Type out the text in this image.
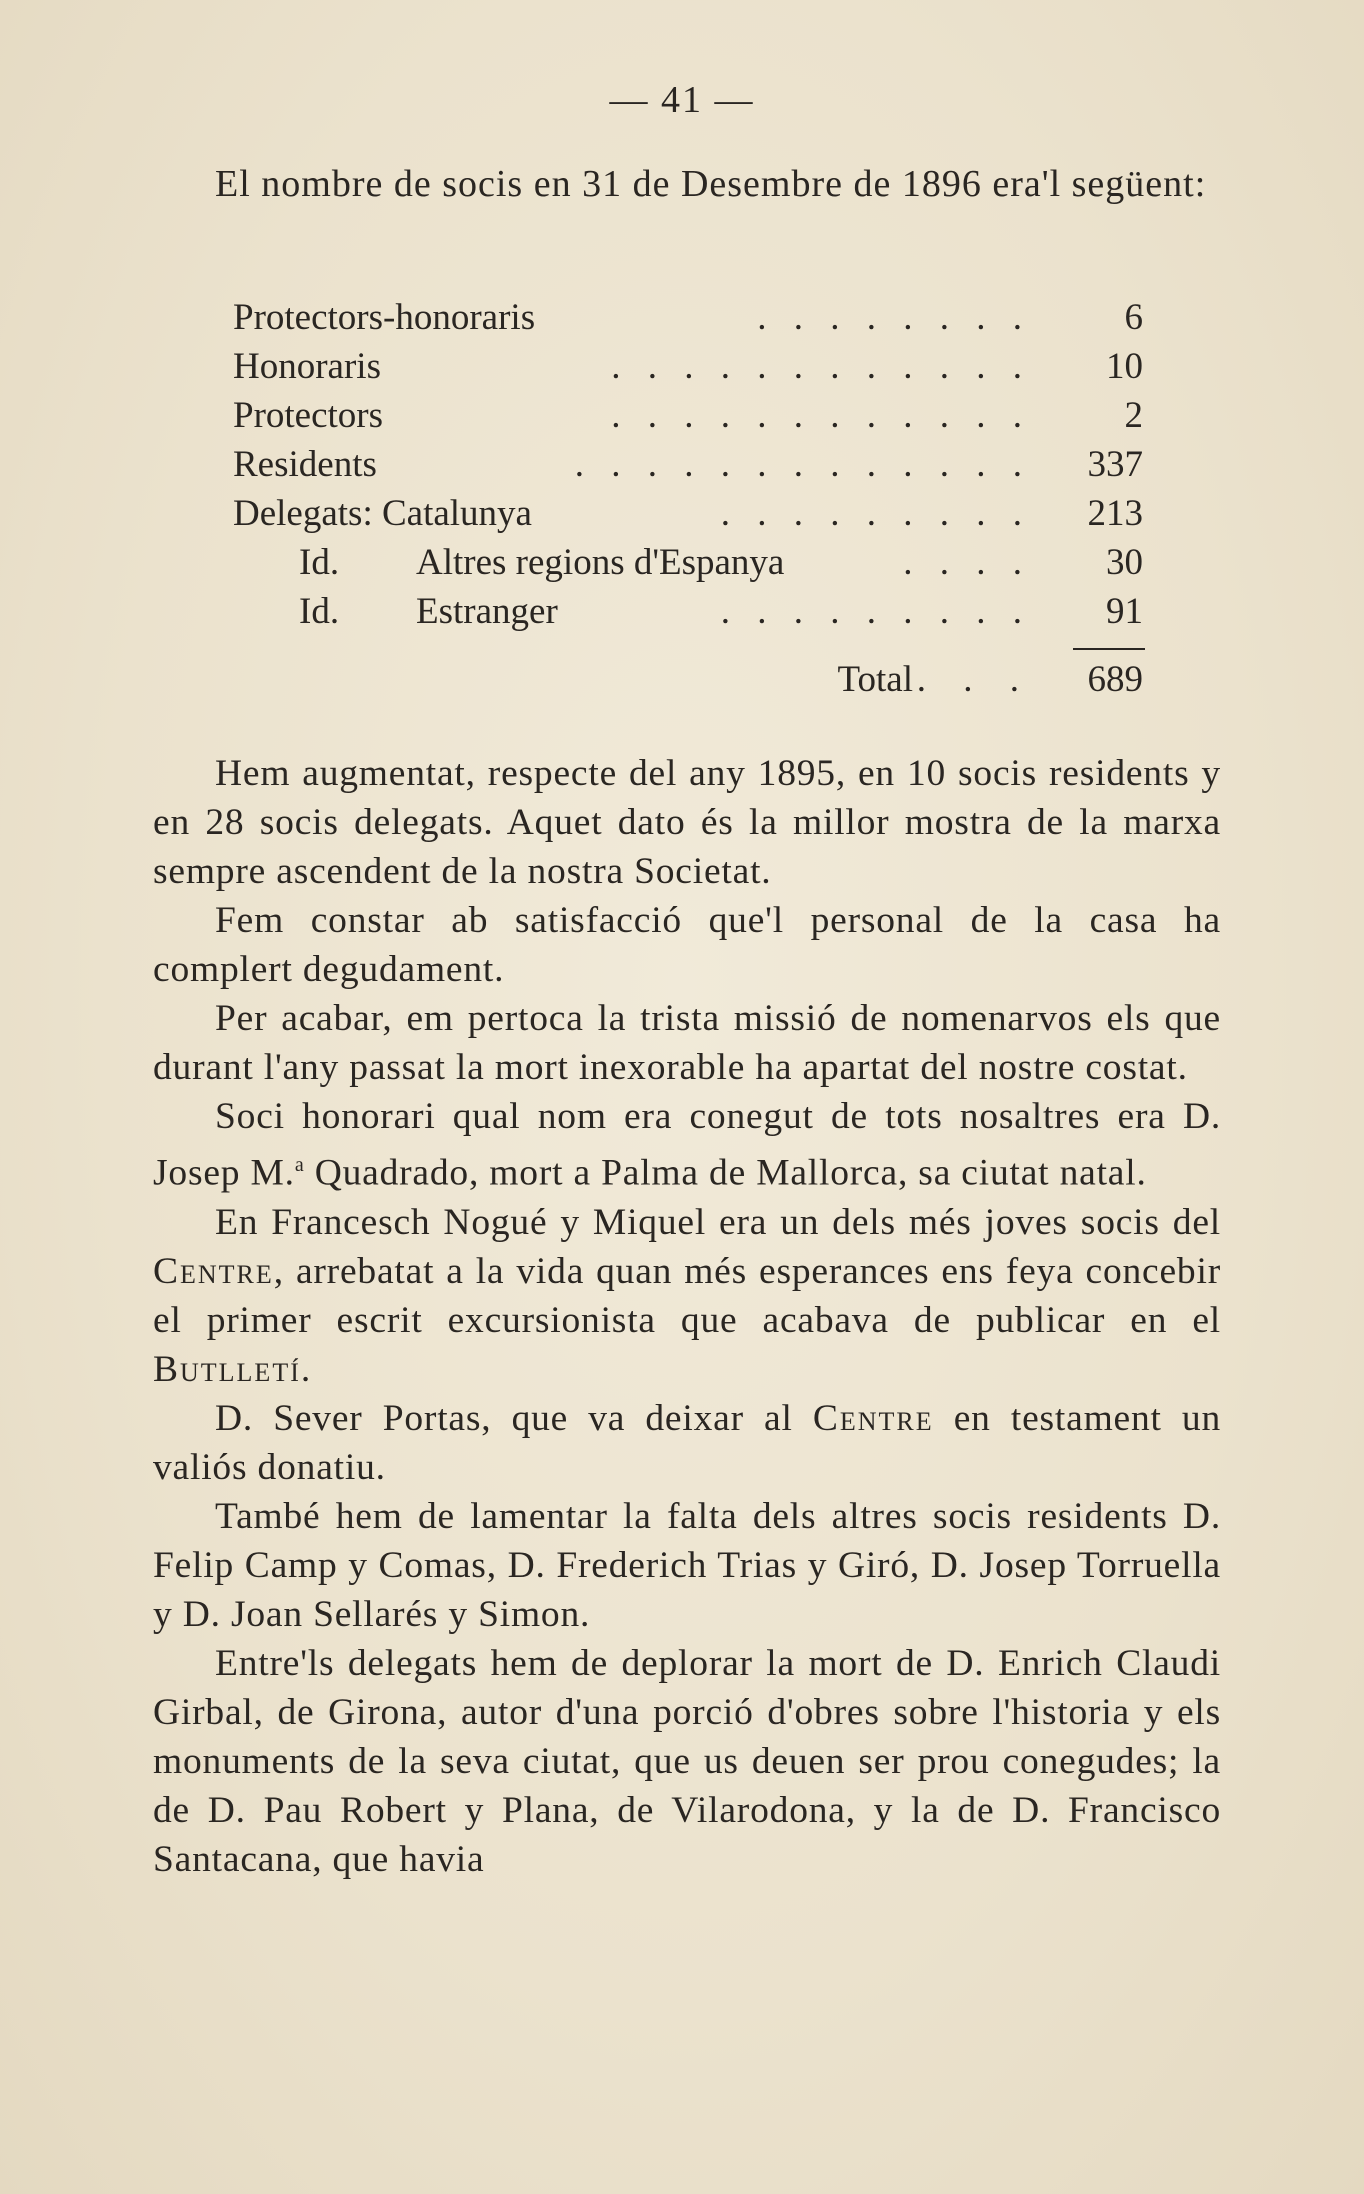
— 41 —
El nombre de socis en 31 de Desembre de 1896 era'l següent:
Protectors-honoraris	. . . . . . . .	6
Honoraris	. . . . . . . . . . . .	10
Protectors	. . . . . . . . . . . .	2
Residents	. . . . . . . . . . . . .	337
Delegats: Catalunya	. . . . . . . . .	213
Id. Altres regions d'Espanya	. . . .	30
Id. Estranger	. . . . . . . . .	91
Total . . .	689

Hem augmentat, respecte del any 1895, en 10 socis residents y en 28 socis delegats. Aquet dato és la millor mostra de la marxa sempre ascendent de la nostra Societat.

Fem constar ab satisfacció que'l personal de la casa ha complert degudament.

Per acabar, em pertoca la trista missió de nomenarvos els que durant l'any passat la mort inexorable ha apartat del nostre costat.

Soci honorari qual nom era conegut de tots nosaltres era D. Josep M.$^a$ Quadrado, mort a Palma de Mallorca, sa ciutat natal.

En Francesch Nogué y Miquel era un dels més joves socis del Centre, arrebatat a la vida quan més esperances ens feya concebir el primer escrit excursionista que acabava de publicar en el Butlletí.

D. Sever Portas, que va deixar al Centre en testament un valiós donatiu.

També hem de lamentar la falta dels altres socis residents D. Felip Camp y Comas, D. Frederich Trias y Giró, D. Josep Torruella y D. Joan Sellarés y Simon.

Entre'ls delegats hem de deplorar la mort de D. Enrich Claudi Girbal, de Girona, autor d'una porció d'obres sobre l'historia y els monuments de la seva ciutat, que us deuen ser prou conegudes; la de D. Pau Robert y Plana, de Vilarodona, y la de D. Francisco Santacana, que havia
